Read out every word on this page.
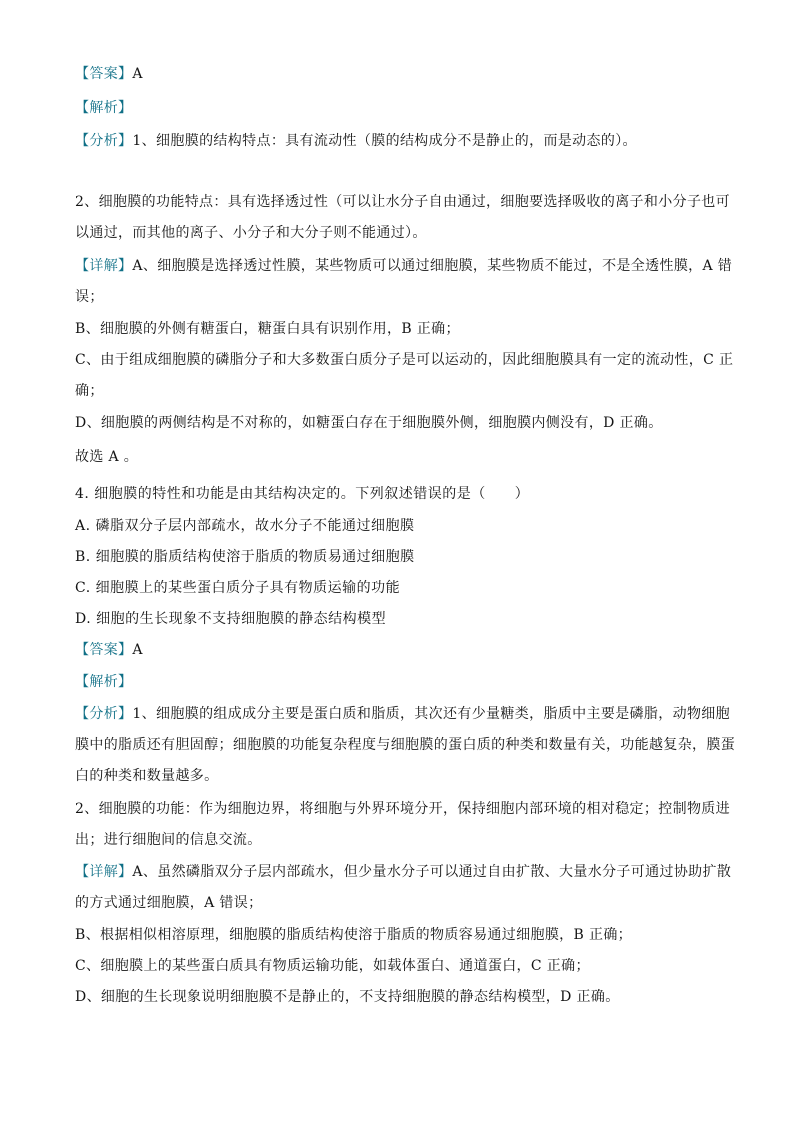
【答案】A
【解析】
【分析】1、细胞膜的结构特点：具有流动性（膜的结构成分不是静止的，而是动态的）。
2、细胞膜的功能特点：具有选择透过性（可以让水分子自由通过，细胞要选择吸收的离子和小分子也可
以通过，而其他的离子、小分子和大分子则不能通过）。
【详解】A、细胞膜是选择透过性膜，某些物质可以通过细胞膜，某些物质不能过，不是全透性膜，A 错
误；
B、细胞膜的外侧有糖蛋白，糖蛋白具有识别作用，B 正确；
C、由于组成细胞膜的磷脂分子和大多数蛋白质分子是可以运动的，因此细胞膜具有一定的流动性，C 正
确；
D、细胞膜的两侧结构是不对称的，如糖蛋白存在于细胞膜外侧，细胞膜内侧没有，D 正确。
故选 A 。
4. 细胞膜的特性和功能是由其结构决定的。下列叙述错误的是（　　）
A. 磷脂双分子层内部疏水，故水分子不能通过细胞膜
B. 细胞膜的脂质结构使溶于脂质的物质易通过细胞膜
C. 细胞膜上的某些蛋白质分子具有物质运输的功能
D. 细胞的生长现象不支持细胞膜的静态结构模型
【答案】A
【解析】
【分析】1、细胞膜的组成成分主要是蛋白质和脂质，其次还有少量糖类，脂质中主要是磷脂，动物细胞
膜中的脂质还有胆固醇；细胞膜的功能复杂程度与细胞膜的蛋白质的种类和数量有关，功能越复杂，膜蛋
白的种类和数量越多。
2、细胞膜的功能：作为细胞边界，将细胞与外界环境分开，保持细胞内部环境的相对稳定；控制物质进
出；进行细胞间的信息交流。
【详解】A、虽然磷脂双分子层内部疏水，但少量水分子可以通过自由扩散、大量水分子可通过协助扩散
的方式通过细胞膜，A 错误；
B、根据相似相溶原理，细胞膜的脂质结构使溶于脂质的物质容易通过细胞膜，B 正确；
C、细胞膜上的某些蛋白质具有物质运输功能，如载体蛋白、通道蛋白，C 正确；
D、细胞的生长现象说明细胞膜不是静止的，不支持细胞膜的静态结构模型，D 正确。
